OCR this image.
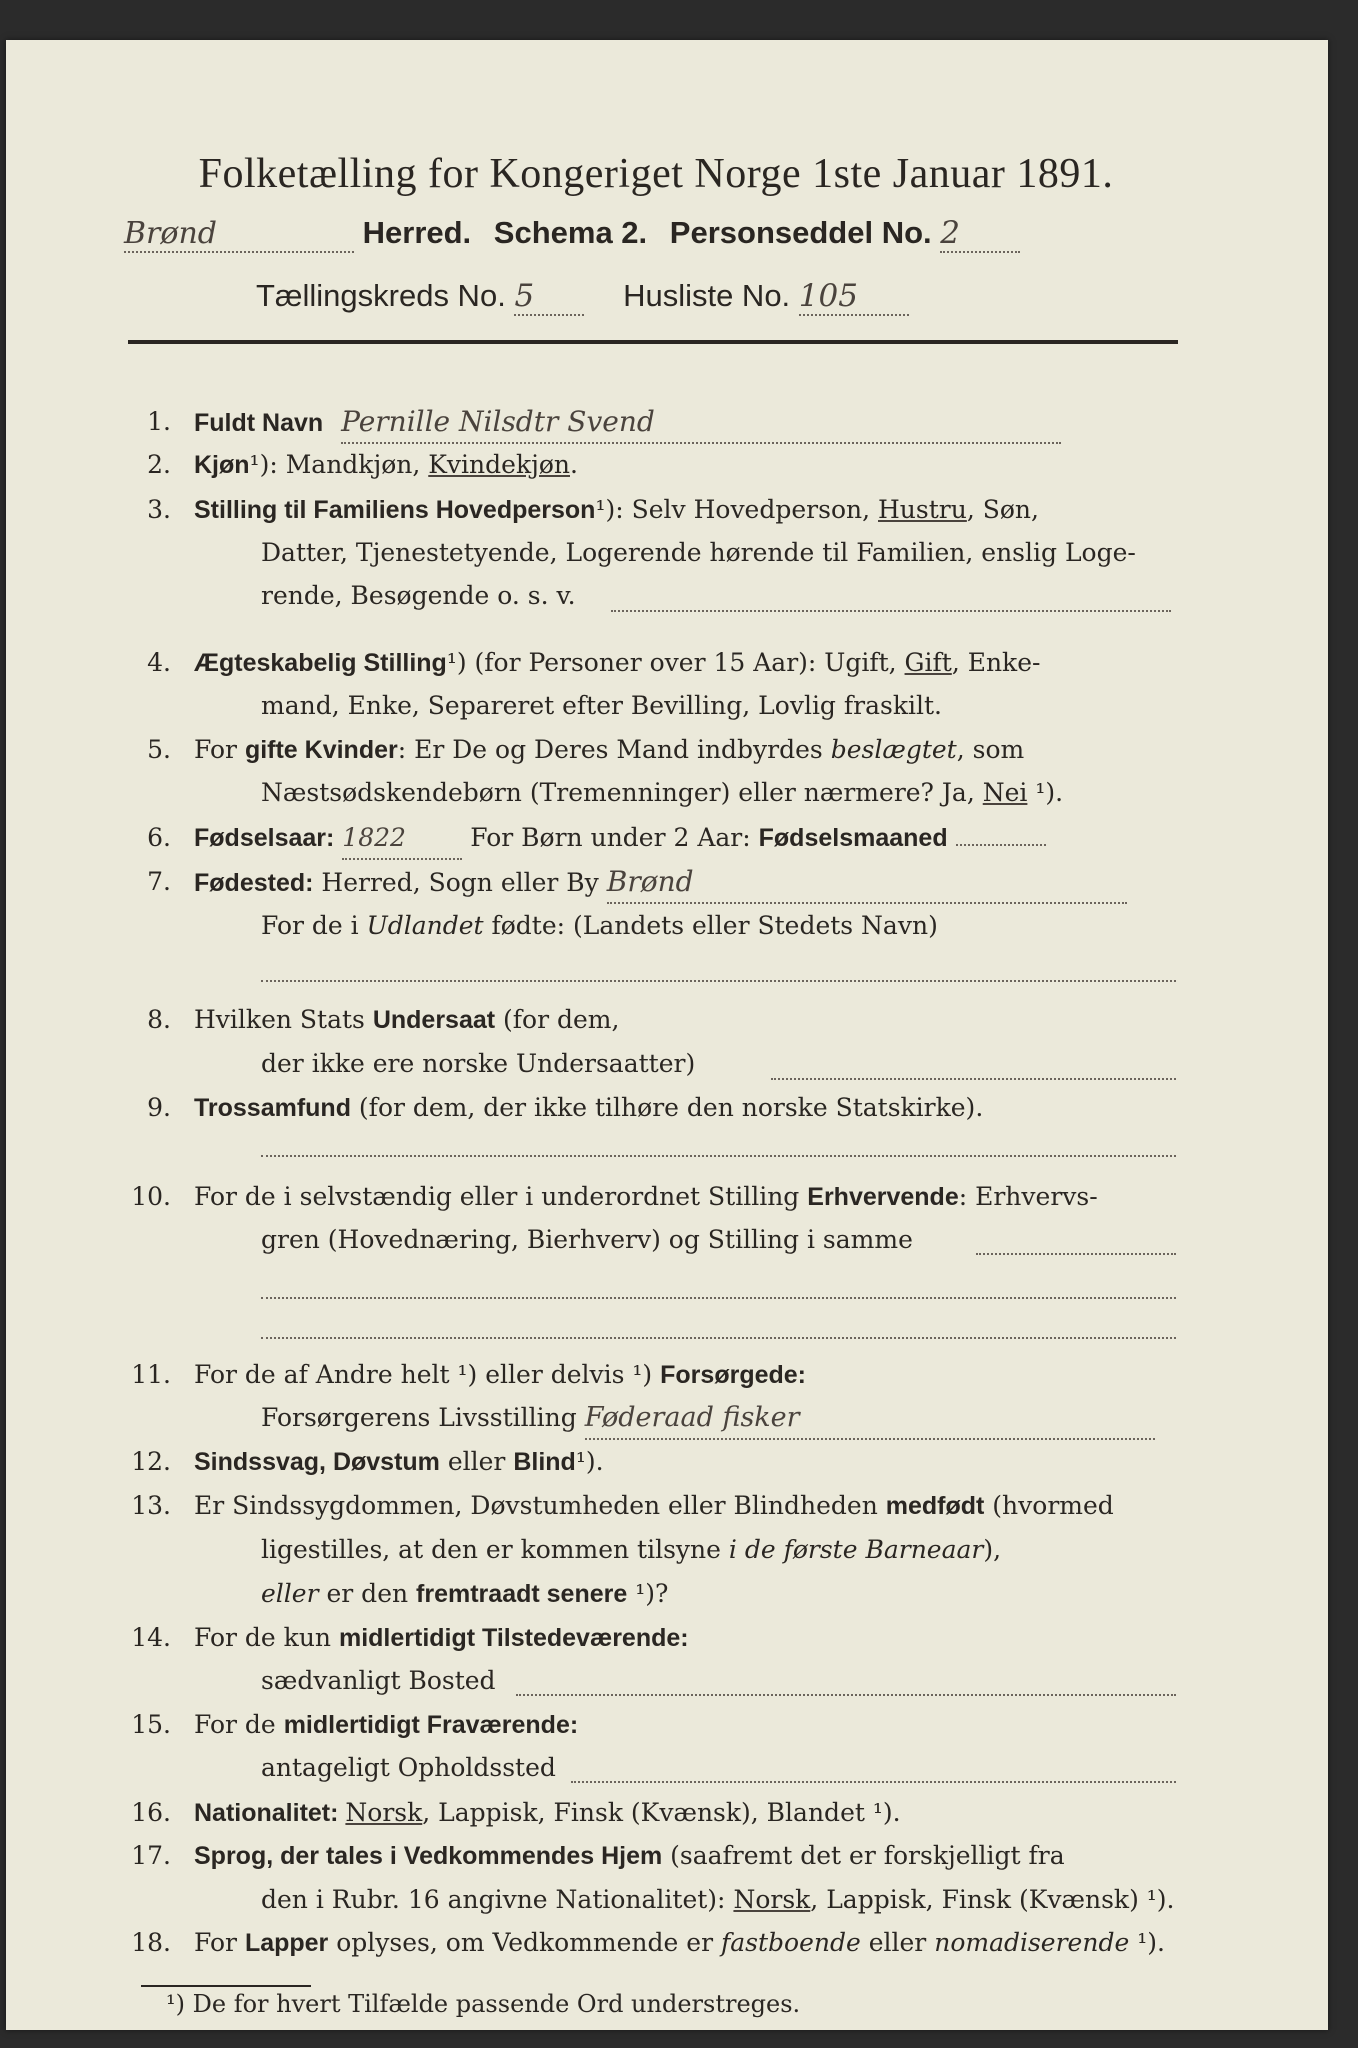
Folketælling for Kongeriget Norge 1ste Januar 1891.
Brønd	Herred. Schema 2. Personseddel No. 2
Tællingskreds No. 5	Husliste No. 105
1. Fuldt Navn Pernille Nilsdtr Svend
2. Kjøn¹): Mandkjøn, Kvindekjøn.
3. Stilling til Familiens Hovedperson¹): Selv Hovedperson, Hustru, Søn,
Datter, Tjenestetyende, Logerende hørende til Familien, enslig Loge-
rende, Besøgende o. s. v.
4. Ægteskabelig Stilling¹) (for Personer over 15 Aar): Ugift, Gift, Enke-
mand, Enke, Separeret efter Bevilling, Lovlig fraskilt.
5. For gifte Kvinder: Er De og Deres Mand indbyrdes beslægtet, som
Næstsødskendebørn (Tremenninger) eller nærmere? Ja, Nei ¹).
6. Fødselsaar: 1822	For Børn under 2 Aar: Fødselsmaaned
7. Fødested: Herred, Sogn eller By Brønd
For de i Udlandet fødte: (Landets eller Stedets Navn)
8. Hvilken Stats Undersaat (for dem,
der ikke ere norske Undersaatter)
9. Trossamfund (for dem, der ikke tilhøre den norske Statskirke).
10. For de i selvstændig eller i underordnet Stilling Erhvervende: Erhvervs-
gren (Hovednæring, Bierhverv) og Stilling i samme
11. For de af Andre helt ¹) eller delvis ¹) Forsørgede:
Forsørgerens Livsstilling Føderaad fisker
12. Sindssvag, Døvstum eller Blind¹).
13. Er Sindssygdommen, Døvstumheden eller Blindheden medfødt (hvormed
ligestilles, at den er kommen tilsyne i de første Barneaar),
eller er den fremtraadt senere ¹)?
14. For de kun midlertidigt Tilstedeværende:
sædvanligt Bosted
15. For de midlertidigt Fraværende:
antageligt Opholdssted
16. Nationalitet: Norsk, Lappisk, Finsk (Kvænsk), Blandet ¹).
17. Sprog, der tales i Vedkommendes Hjem (saafremt det er forskjelligt fra
den i Rubr. 16 angivne Nationalitet): Norsk, Lappisk, Finsk (Kvænsk) ¹).
18. For Lapper oplyses, om Vedkommende er fastboende eller nomadiserende ¹).
¹) De for hvert Tilfælde passende Ord understreges.
